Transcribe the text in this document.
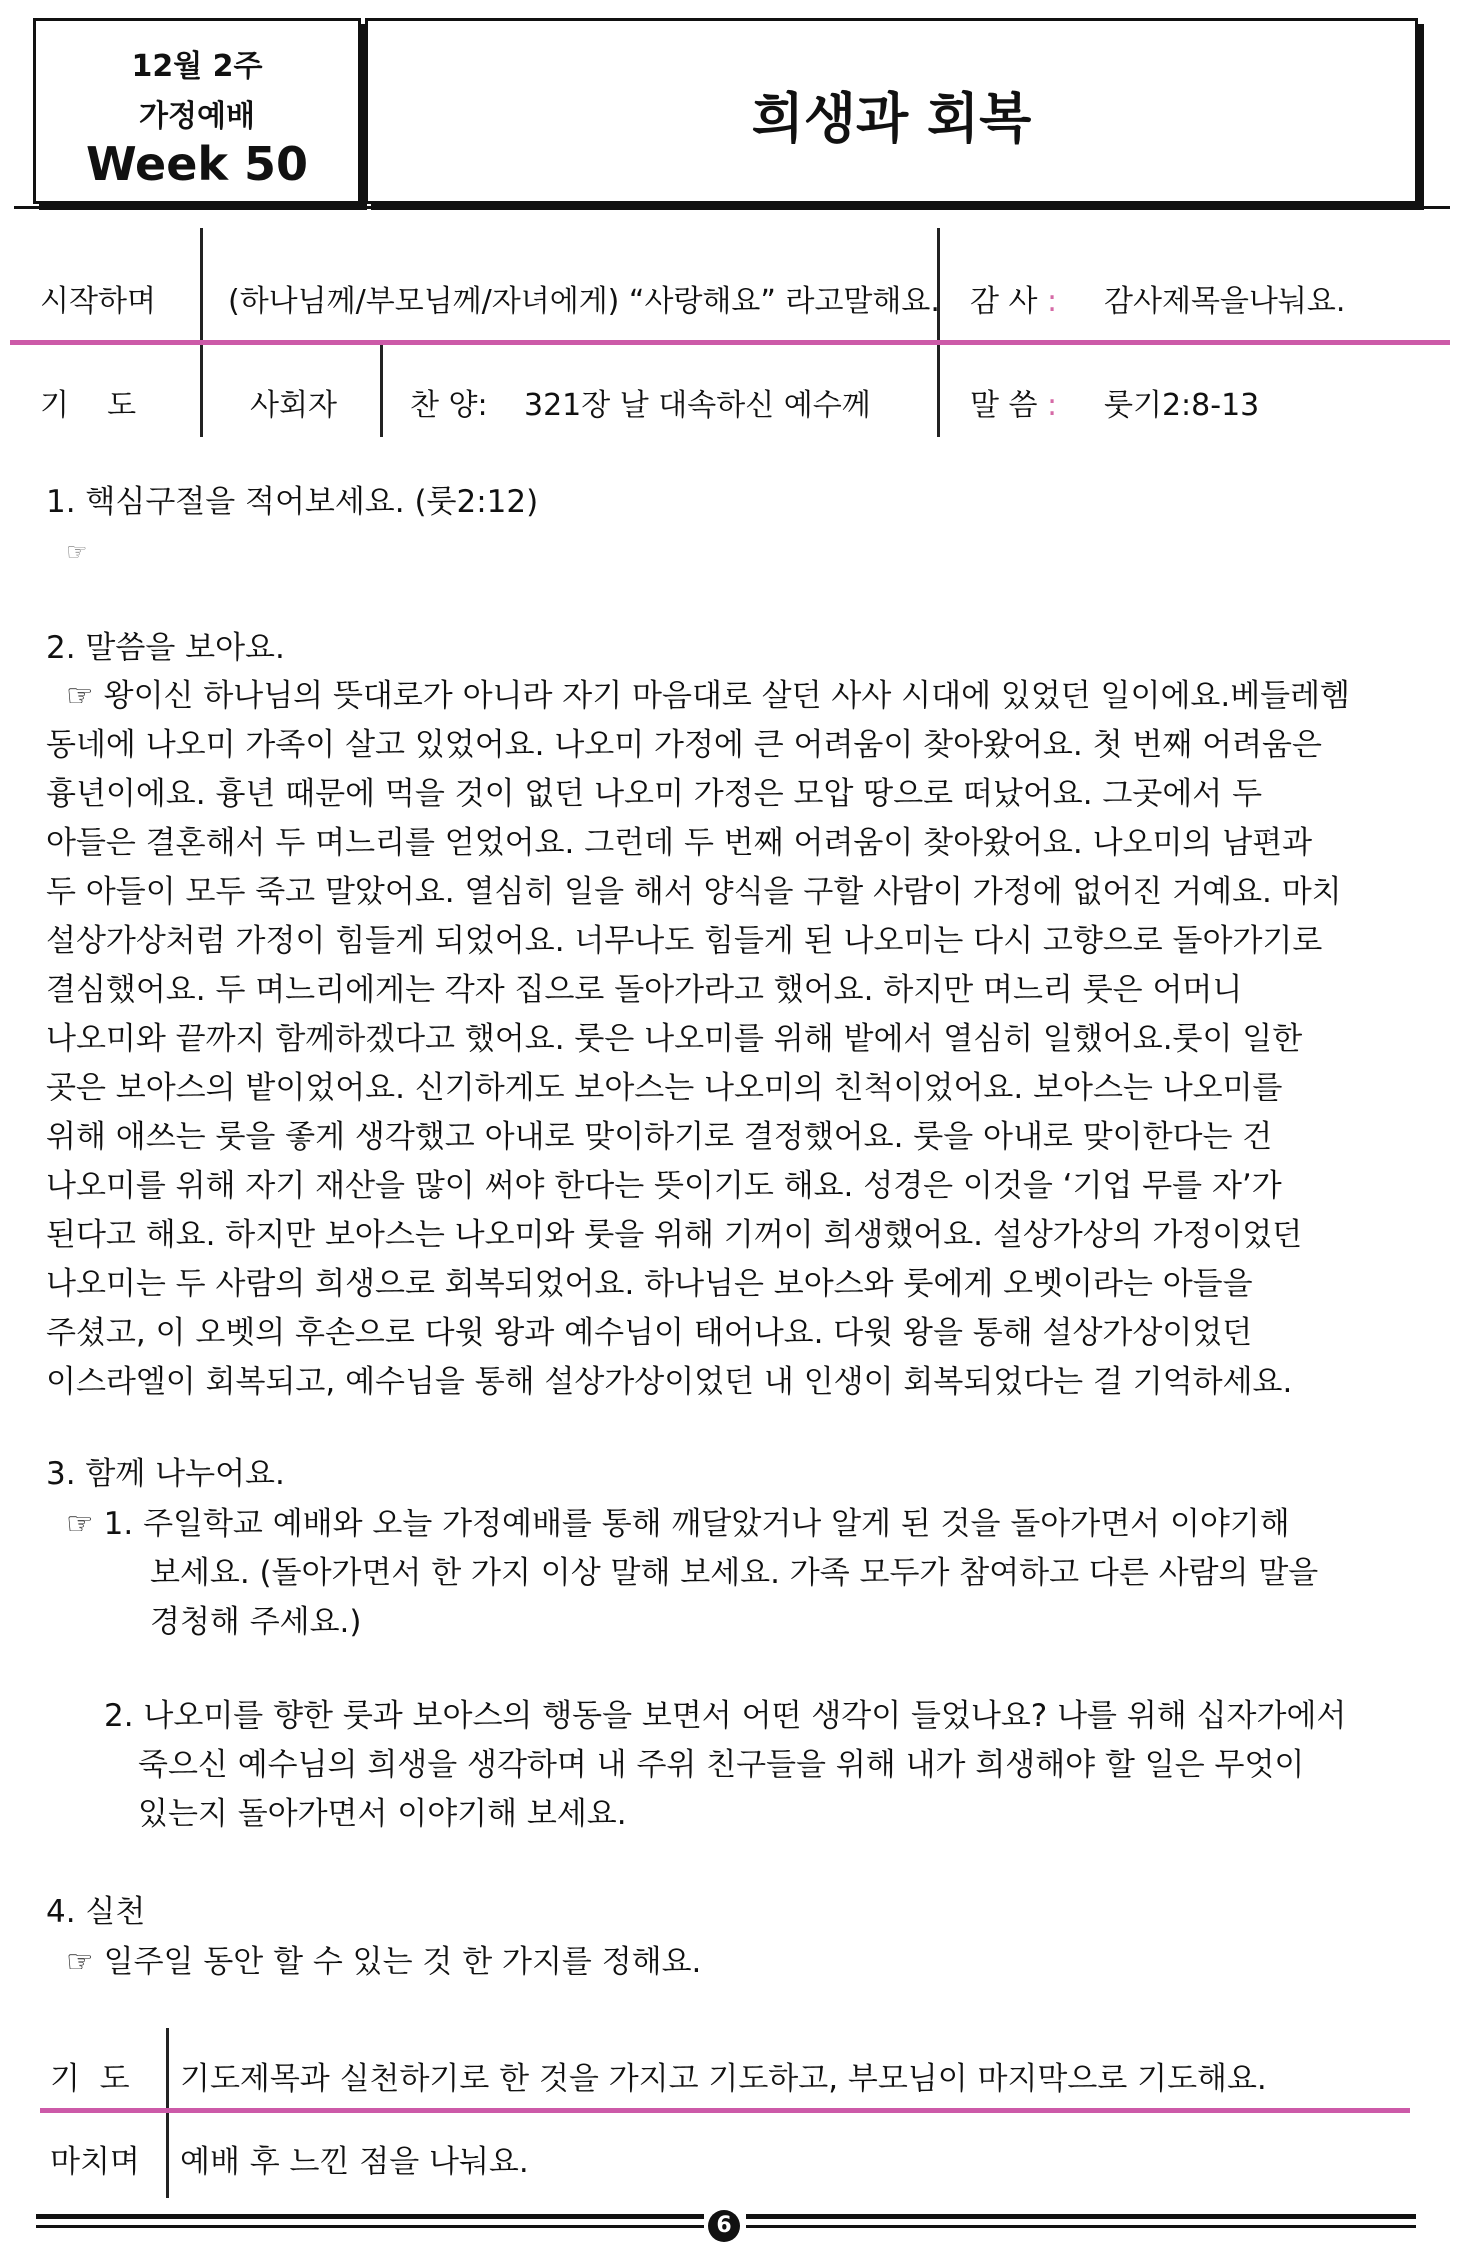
12월 2주
가정예배
Week 50
희생과 회복
시작하며 (하나님께/부모님께/자녀에게) “사랑해요” 라고말해요. 감 사 : 감사제목을나눠요.
기    도	사회자 찬 양: 321장 날 대속하신 예수께	말 씀 : 룻기2:8-13
1. 핵심구절을 적어보세요. (룻2:12)
☞
2. 말씀을 보아요.
☞ 왕이신 하나님의 뜻대로가 아니라 자기 마음대로 살던 사사 시대에 있었던 일이에요.베들레헴
동네에 나오미 가족이 살고 있었어요. 나오미 가정에 큰 어려움이 찾아왔어요. 첫 번째 어려움은
흉년이에요. 흉년 때문에 먹을 것이 없던 나오미 가정은 모압 땅으로 떠났어요. 그곳에서 두
아들은 결혼해서 두 며느리를 얻었어요. 그런데 두 번째 어려움이 찾아왔어요. 나오미의 남편과
두 아들이 모두 죽고 말았어요. 열심히 일을 해서 양식을 구할 사람이 가정에 없어진 거예요. 마치
설상가상처럼 가정이 힘들게 되었어요. 너무나도 힘들게 된 나오미는 다시 고향으로 돌아가기로
결심했어요. 두 며느리에게는 각자 집으로 돌아가라고 했어요. 하지만 며느리 룻은 어머니
나오미와 끝까지 함께하겠다고 했어요. 룻은 나오미를 위해 밭에서 열심히 일했어요.룻이 일한
곳은 보아스의 밭이었어요. 신기하게도 보아스는 나오미의 친척이었어요. 보아스는 나오미를
위해 애쓰는 룻을 좋게 생각했고 아내로 맞이하기로 결정했어요. 룻을 아내로 맞이한다는 건
나오미를 위해 자기 재산을 많이 써야 한다는 뜻이기도 해요. 성경은 이것을 ‘기업 무를 자’가
된다고 해요. 하지만 보아스는 나오미와 룻을 위해 기꺼이 희생했어요. 설상가상의 가정이었던
나오미는 두 사람의 희생으로 회복되었어요. 하나님은 보아스와 룻에게 오벳이라는 아들을
주셨고, 이 오벳의 후손으로 다윗 왕과 예수님이 태어나요. 다윗 왕을 통해 설상가상이었던
이스라엘이 회복되고, 예수님을 통해 설상가상이었던 내 인생이 회복되었다는 걸 기억하세요.
3. 함께 나누어요.
☞ 1. 주일학교 예배와 오늘 가정예배를 통해 깨달았거나 알게 된 것을 돌아가면서 이야기해
보세요. (돌아가면서 한 가지 이상 말해 보세요. 가족 모두가 참여하고 다른 사람의 말을
경청해 주세요.)
2. 나오미를 향한 룻과 보아스의 행동을 보면서 어떤 생각이 들었나요? 나를 위해 십자가에서
죽으신 예수님의 희생을 생각하며 내 주위 친구들을 위해 내가 희생해야 할 일은 무엇이
있는지 돌아가면서 이야기해 보세요.
4. 실천
☞ 일주일 동안 할 수 있는 것 한 가지를 정해요.
기  도 기도제목과 실천하기로 한 것을 가지고 기도하고, 부모님이 마지막으로 기도해요.
마치며 예배 후 느낀 점을 나눠요.
6
